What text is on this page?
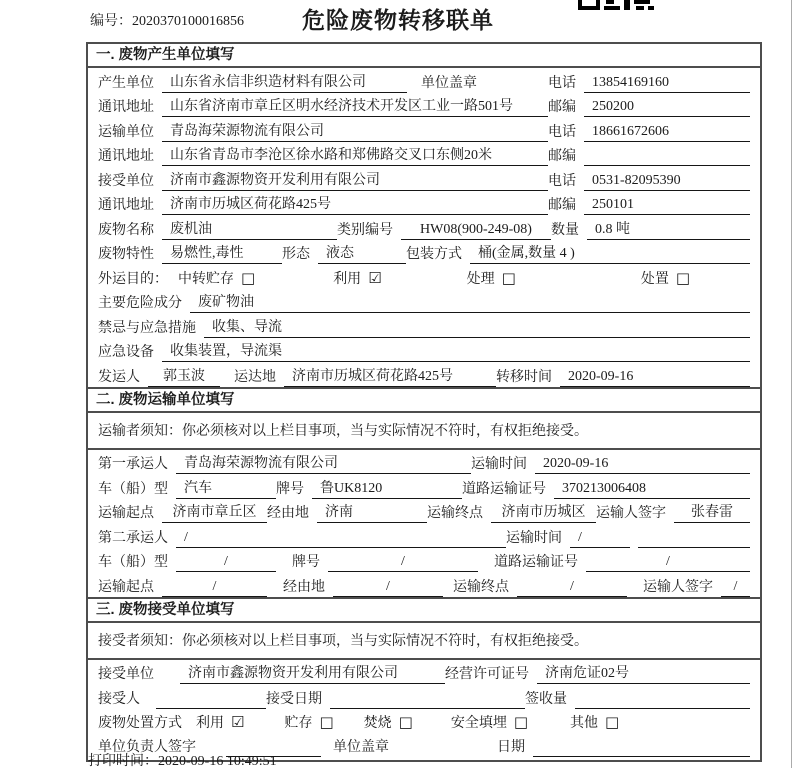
编号：2020370100016856	危险废物转移联单
一. 废物产生单位填写
产生单位	山东省永信非织造材料有限公司	单位盖章	电话	13854169160
通讯地址	山东省济南市章丘区明水经济技术开发区工业一路501号	邮编	250200
运输单位	青岛海荣源物流有限公司	电话	18661672606
通讯地址	山东省青岛市李沧区徐水路和郑佛路交叉口东侧20米	邮编
接受单位	济南市鑫源物资开发利用有限公司	电话	0531-82095390
通讯地址	济南市历城区荷花路425号	邮编	250101
废物名称	废机油	类别编号	HW08(900-249-08)	数量	0.8 吨
废物特性	易燃性,毒性	形态	液态	包装方式	桶(金属,数量 4 )
外运目的： 中转贮存 □	利用 ☑	处理 □	处置 □
主要危险成分	废矿物油
禁忌与应急措施	收集、导流
应急设备	收集装置，导流渠
发运人	郭玉波	运达地	济南市历城区荷花路425号	转移时间	2020-09-16
二. 废物运输单位填写
运输者须知：你必须核对以上栏目事项，当与实际情况不符时，有权拒绝接受。
第一承运人	青岛海荣源物流有限公司	运输时间	2020-09-16
车（船）型	汽车	牌号	鲁UK8120	道路运输证号	370213006408
运输起点	济南市章丘区 经由地	济南	运输终点	济南市历城区 运输人签字	张春雷
第二承运人	/	运输时间	/
车（船）型	/	牌号	/	道路运输证号	/
运输起点	/	经由地	/	运输终点	/	运输人签字	/
三. 废物接受单位填写
接受者须知：你必须核对以上栏目事项，当与实际情况不符时，有权拒绝接受。
接受单位	济南市鑫源物资开发利用有限公司	经营许可证号	济南危证02号
接受人	接受日期	签收量
废物处置方式 利用 ☑	贮存 □ 焚烧 □	安全填埋 □	其他 □
单位负责人签字	单位盖章	日期
打印时间：2020-09-16 10:49:51
